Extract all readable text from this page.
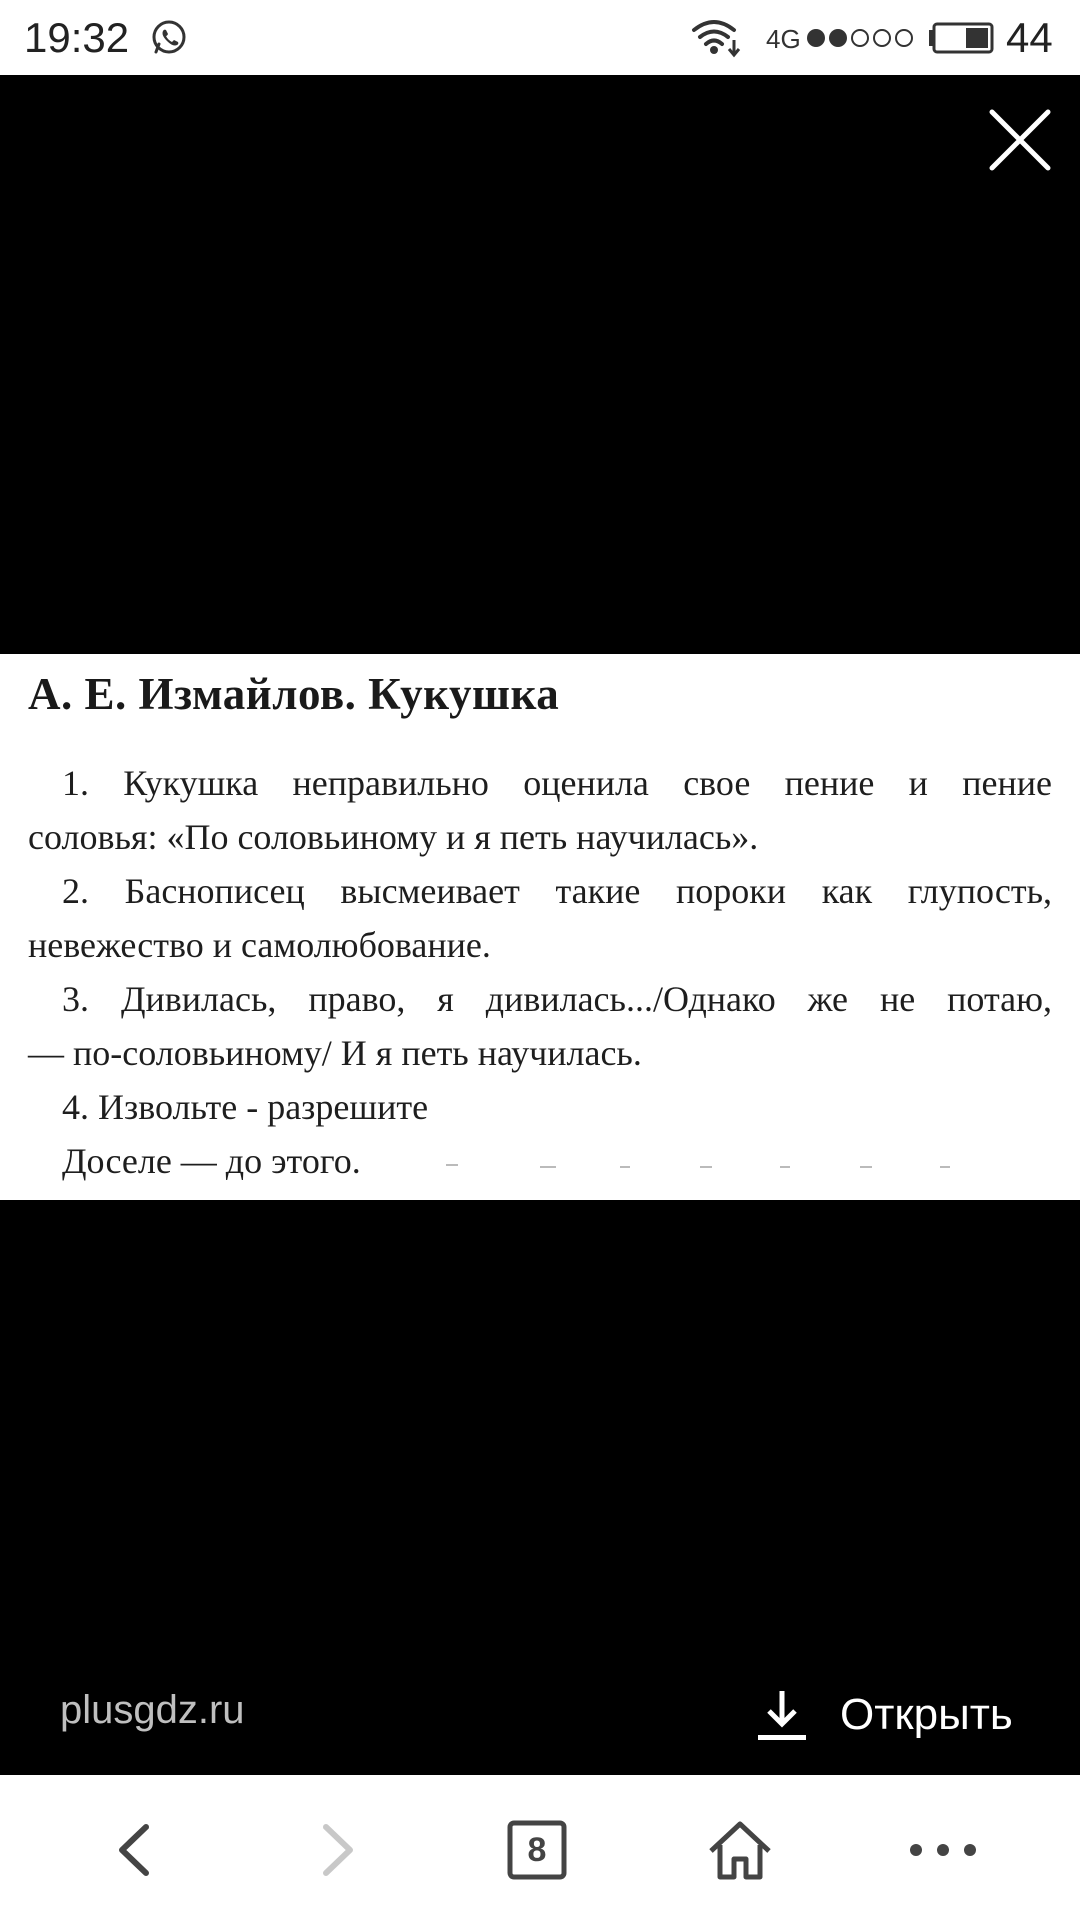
19:32	4G	44
А. Е. Измайлов. Кукушка
1. Кукушка неправильно оценила свое пение и пение
соловья: «По соловьиному и я петь научилась».
2. Баснописец высмеивает такие пороки как глупость,
невежество и самолюбование.
3. Дивилась, право, я дивилась.../Однако же не потаю,
— по-соловьиному/ И я петь научилась.
4. Извольте - разрешите
Доселе — до этого.
plusgdz.ru	Открыть
8
